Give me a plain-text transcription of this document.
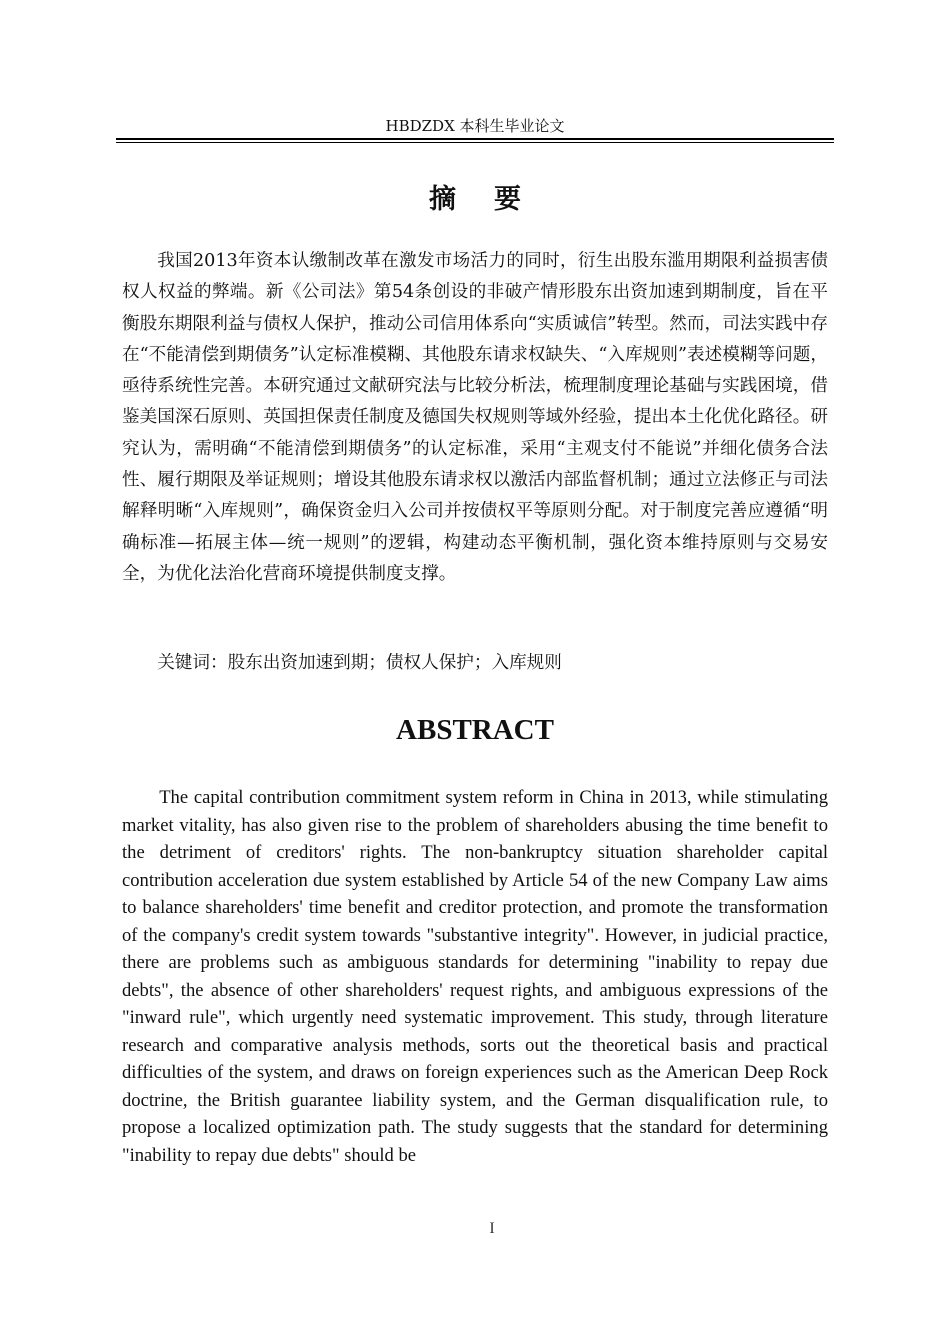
HBDZDX 本科生毕业论文
摘要

我国2013年资本认缴制改革在激发市场活力的同时，衍生出股东滥用期限利益损害债权人权益的弊端。新《公司法》第54条创设的非破产情形股东出资加速到期制度，旨在平衡股东期限利益与债权人保护，推动公司信用体系向“实质诚信”转型。然而，司法实践中存在“不能清偿到期债务”认定标准模糊、其他股东请求权缺失、“入库规则”表述模糊等问题，亟待系统性完善。本研究通过文献研究法与比较分析法，梳理制度理论基础与实践困境，借鉴美国深石原则、英国担保责任制度及德国失权规则等域外经验，提出本土化优化路径。研究认为，需明确“不能清偿到期债务”的认定标准，采用“主观支付不能说”并细化债务合法性、履行期限及举证规则；增设其他股东请求权以激活内部监督机制；通过立法修正与司法解释明晰“入库规则”，确保资金归入公司并按债权平等原则分配。对于制度完善应遵循“明确标准—拓展主体—统一规则”的逻辑，构建动态平衡机制，强化资本维持原则与交易安全，为优化法治化营商环境提供制度支撑。

关键词：股东出资加速到期；债权人保护；入库规则

ABSTRACT

The capital contribution commitment system reform in China in 2013, while stimulating market vitality, has also given rise to the problem of shareholders abusing the time benefit to the detriment of creditors' rights. The non-bankruptcy situation shareholder capital contribution acceleration due system established by Article 54 of the new Company Law aims to balance shareholders' time benefit and creditor protection, and promote the transformation of the company's credit system towards "substantive integrity". However, in judicial practice, there are problems such as ambiguous standards for determining "inability to repay due debts", the absence of other shareholders' request rights, and ambiguous expressions of the "inward rule", which urgently need systematic improvement. This study, through literature research and comparative analysis methods, sorts out the theoretical basis and practical difficulties of the system, and draws on foreign experiences such as the American Deep Rock doctrine, the British guarantee liability system, and the German disqualification rule, to propose a localized optimization path. The study suggests that the standard for determining "inability to repay due debts" should be

I
